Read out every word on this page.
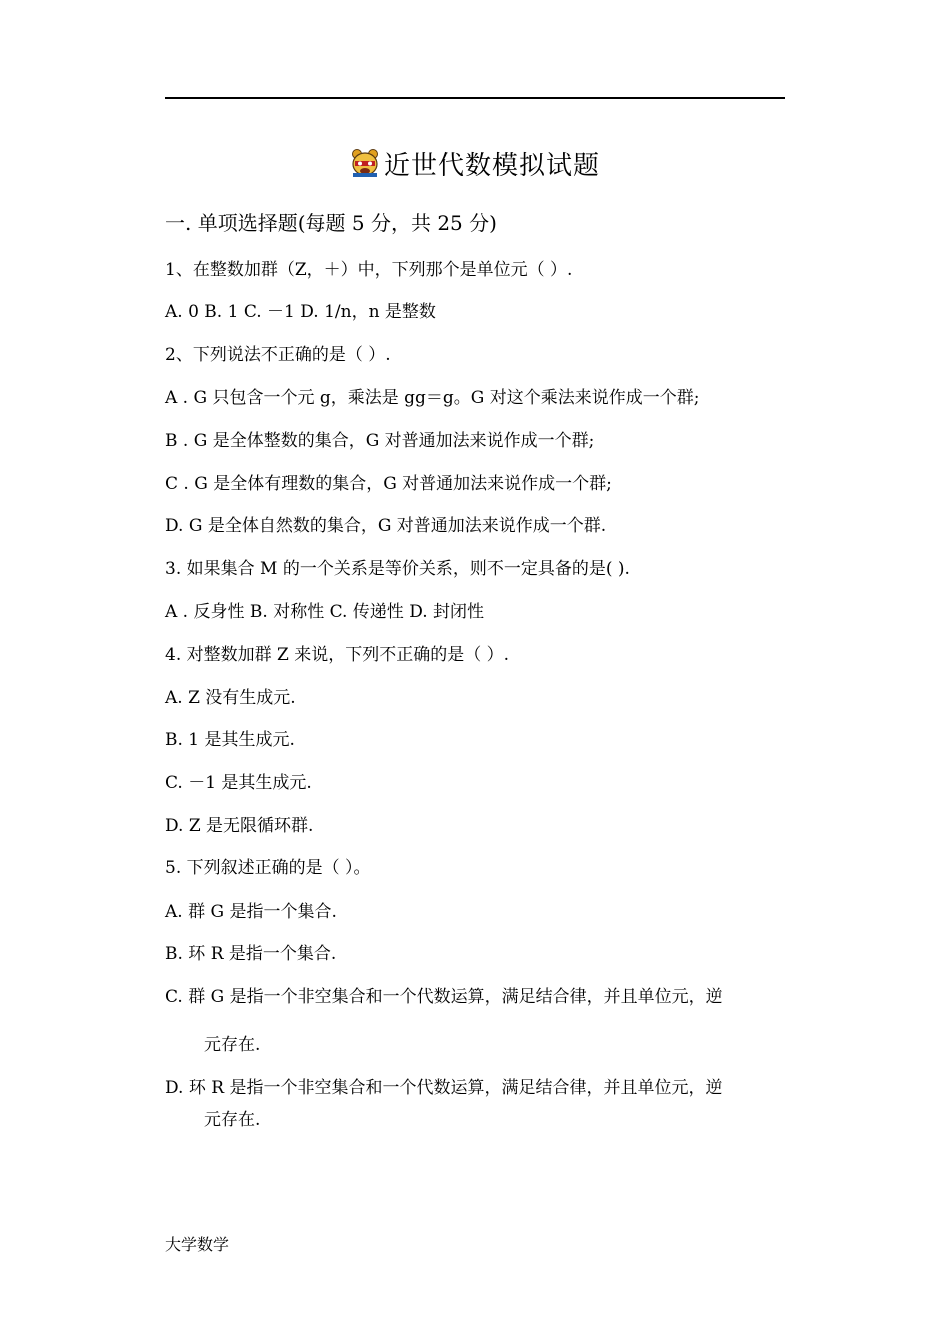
近世代数模拟试题
一. 单项选择题(每题 5 分，共 25 分)
1、在整数加群（Z，＋）中，下列那个是单位元（ ）.
A. 0 B. 1 C. －1 D. 1/n，n 是整数
2、下列说法不正确的是（ ）.
A . G 只包含一个元 g，乘法是 gg＝g。G 对这个乘法来说作成一个群;
B . G 是全体整数的集合，G 对普通加法来说作成一个群;
C . G 是全体有理数的集合，G 对普通加法来说作成一个群;
D. G 是全体自然数的集合，G 对普通加法来说作成一个群.
3. 如果集合 M 的一个关系是等价关系，则不一定具备的是( ).
A . 反身性 B. 对称性 C. 传递性 D. 封闭性
4. 对整数加群 Z 来说，下列不正确的是（ ）.
A. Z 没有生成元.
B. 1 是其生成元.
C. －1 是其生成元.
D. Z 是无限循环群.
5. 下列叙述正确的是（ ）。
A. 群 G 是指一个集合.
B. 环 R 是指一个集合.
C. 群 G 是指一个非空集合和一个代数运算，满足结合律，并且单位元，逆
元存在.
D. 环 R 是指一个非空集合和一个代数运算，满足结合律，并且单位元，逆
元存在.
大学数学
